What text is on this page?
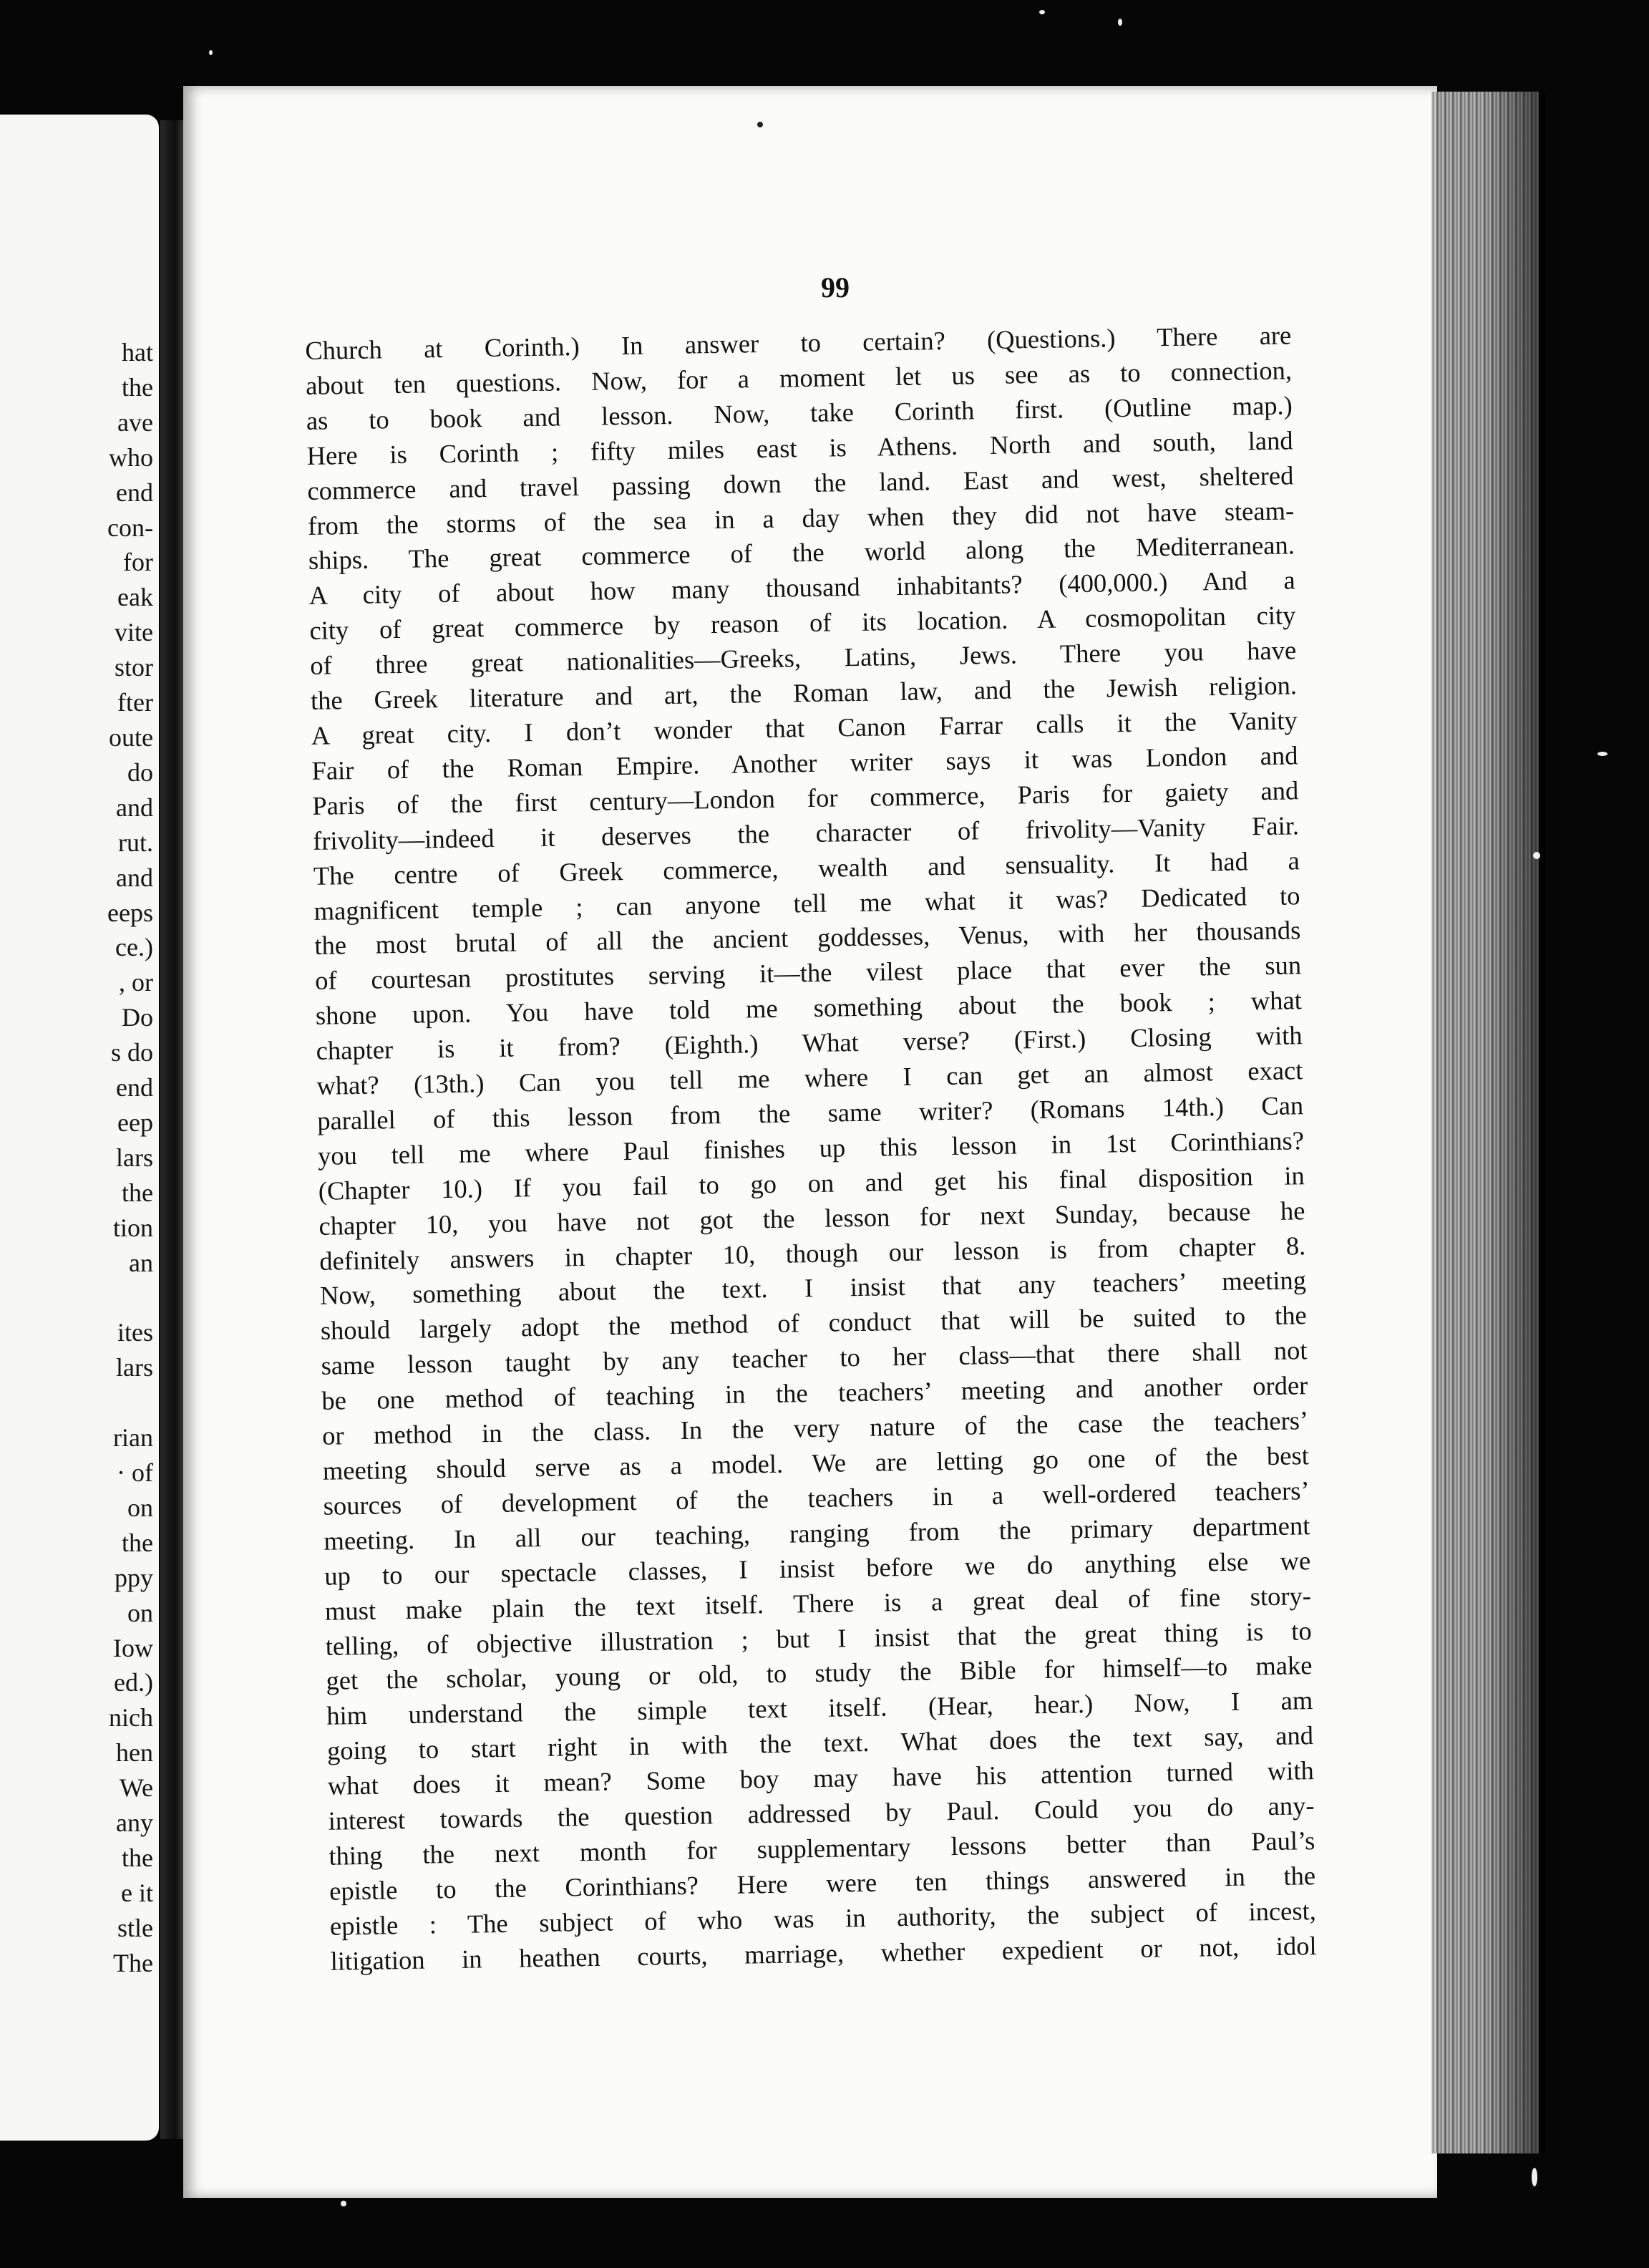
hat
the
ave
who
end
con-
for
eak
vite
stor
fter
oute
do
and
rut.
and
eeps
ce.)
, or
Do
s do
end
eep
lars
the
tion
an
ites
lars
rian
· of
on
the
ppy
on
Iow
ed.)
nich
hen
We
any
the
e it
stle
The
99
Church at Corinth.) In answer to certain? (Questions.) There are
about ten questions. Now, for a moment let us see as to connection,
as to book and lesson. Now, take Corinth first. (Outline map.)
Here is Corinth ; fifty miles east is Athens. North and south, land
commerce and travel passing down the land. East and west, sheltered
from the storms of the sea in a day when they did not have steam-
ships. The great commerce of the world along the Mediterranean.
A city of about how many thousand inhabitants? (400,000.) And a
city of great commerce by reason of its location. A cosmopolitan city
of three great nationalities—Greeks, Latins, Jews. There you have
the Greek literature and art, the Roman law, and the Jewish religion.
A great city. I don’t wonder that Canon Farrar calls it the Vanity
Fair of the Roman Empire. Another writer says it was London and
Paris of the first century—London for commerce, Paris for gaiety and
frivolity—indeed it deserves the character of frivolity—Vanity Fair.
The centre of Greek commerce, wealth and sensuality. It had a
magnificent temple ; can anyone tell me what it was? Dedicated to
the most brutal of all the ancient goddesses, Venus, with her thousands
of courtesan prostitutes serving it—the vilest place that ever the sun
shone upon. You have told me something about the book ; what
chapter is it from? (Eighth.) What verse? (First.) Closing with
what? (13th.) Can you tell me where I can get an almost exact
parallel of this lesson from the same writer? (Romans 14th.) Can
you tell me where Paul finishes up this lesson in 1st Corinthians?
(Chapter 10.) If you fail to go on and get his final disposition in
chapter 10, you have not got the lesson for next Sunday, because he
definitely answers in chapter 10, though our lesson is from chapter 8.
Now, something about the text. I insist that any teachers’ meeting
should largely adopt the method of conduct that will be suited to the
same lesson taught by any teacher to her class—that there shall not
be one method of teaching in the teachers’ meeting and another order
or method in the class. In the very nature of the case the teachers’
meeting should serve as a model. We are letting go one of the best
sources of development of the teachers in a well-ordered teachers’
meeting. In all our teaching, ranging from the primary department
up to our spectacle classes, I insist before we do anything else we
must make plain the text itself. There is a great deal of fine story-
telling, of objective illustration ; but I insist that the great thing is to
get the scholar, young or old, to study the Bible for himself—to make
him understand the simple text itself. (Hear, hear.) Now, I am
going to start right in with the text. What does the text say, and
what does it mean? Some boy may have his attention turned with
interest towards the question addressed by Paul. Could you do any-
thing the next month for supplementary lessons better than Paul’s
epistle to the Corinthians? Here were ten things answered in the
epistle : The subject of who was in authority, the subject of incest,
litigation in heathen courts, marriage, whether expedient or not, idol
